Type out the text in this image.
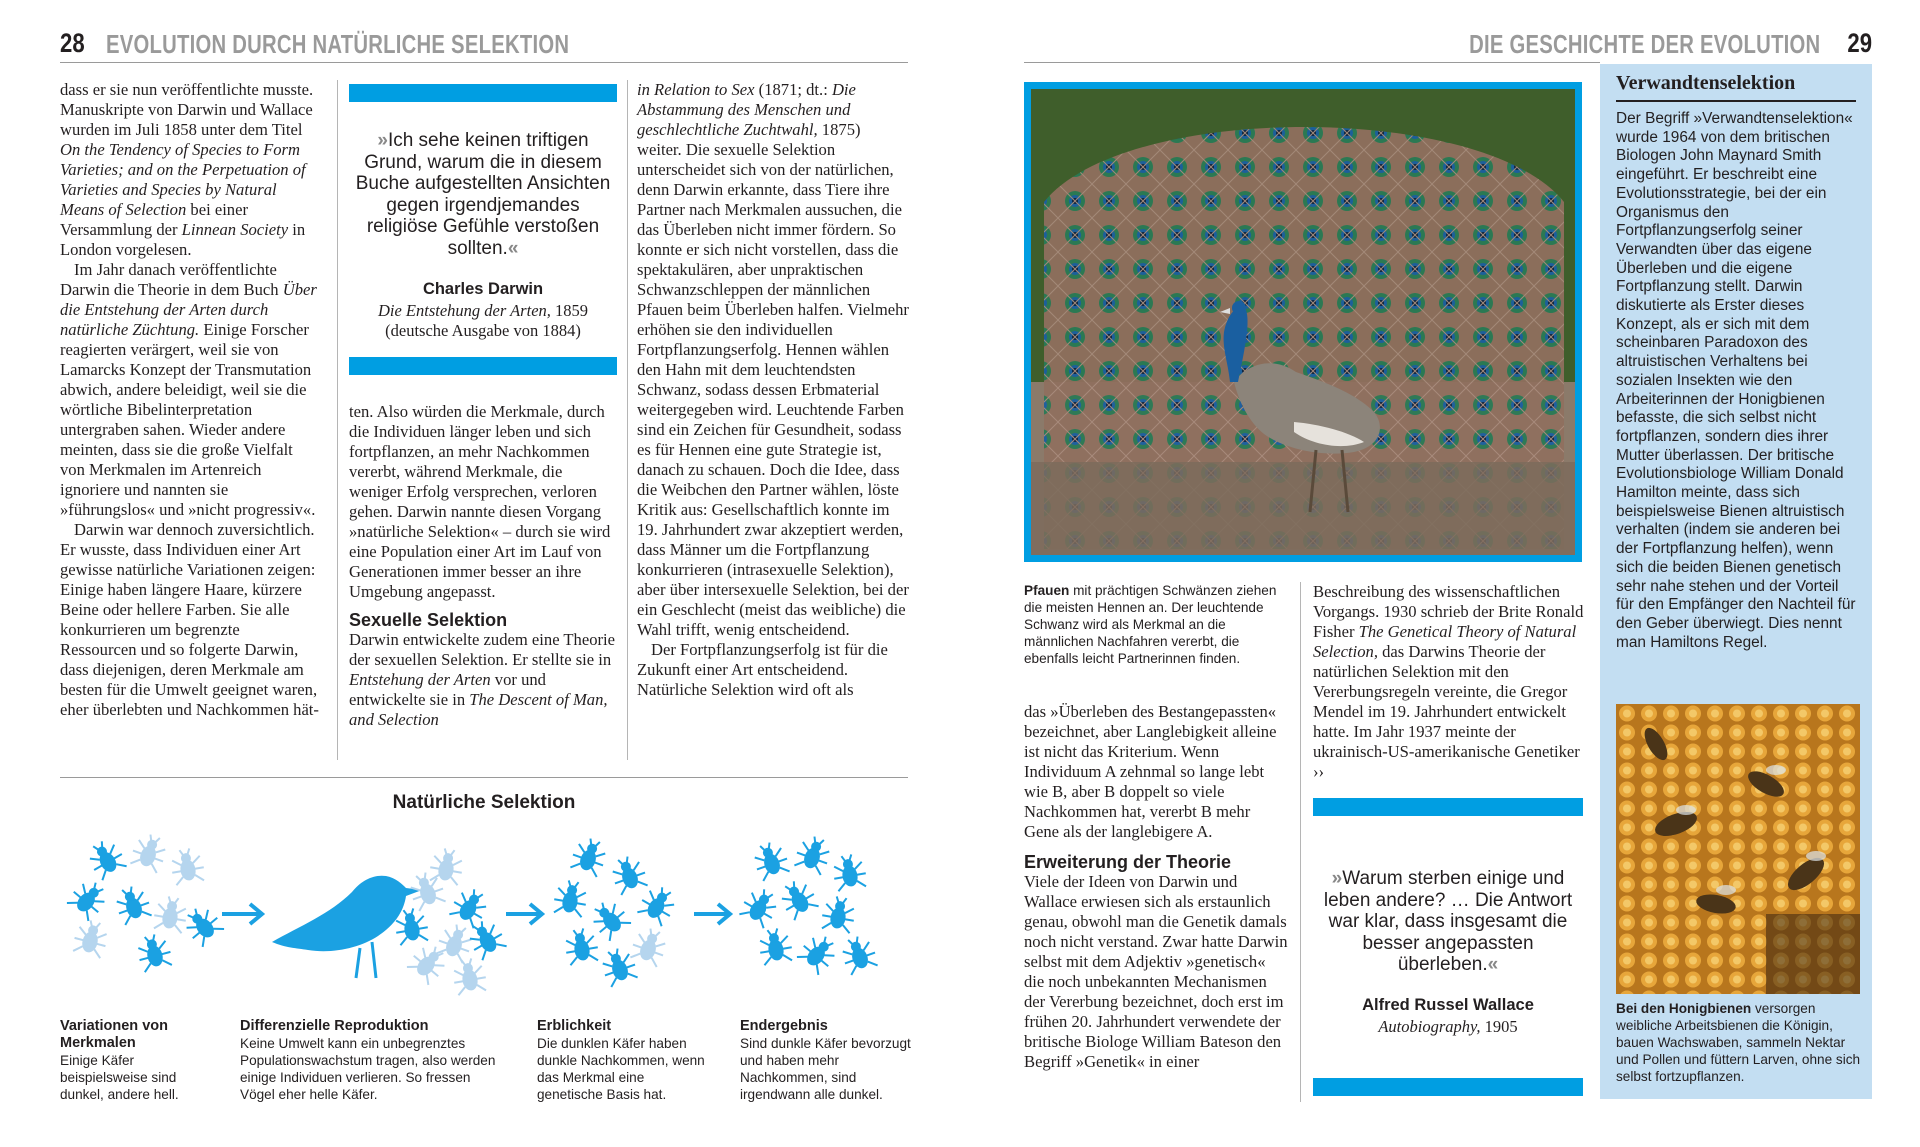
28 EVOLUTION DURCH NATÜRLICHE SELEKTION

dass er sie nun veröffentlichte musste. Manuskripte von Darwin und Wallace wurden im Juli 1858 unter dem Titel On the Tendency of Species to Form Varieties; and on the Perpetuation of Varieties and Species by Natural Means of Selection bei einer Versammlung der Linnean Society in London vorgelesen.

Im Jahr danach veröffentlichte Darwin die Theorie in dem Buch Über die Entstehung der Arten durch natürliche Züchtung. Einige Forscher reagierten verärgert, weil sie von Lamarcks Konzept der Transmutation abwich, andere beleidigt, weil sie die wörtliche Bibelinterpretation untergraben sahen. Wieder andere meinten, dass sie die große Vielfalt von Merkmalen im Artenreich ignoriere und nannten sie »führungslos« und »nicht progressiv«.

Darwin war dennoch zuversichtlich. Er wusste, dass Individuen einer Art gewisse natürliche Variationen zeigen: Einige haben längere Haare, kürzere Beine oder hellere Farben. Sie alle konkurrieren um begrenzte Ressourcen und so folgerte Darwin, dass diejenigen, deren Merkmale am besten für die Umwelt geeignet waren, eher überlebten und Nachkommen hät-

»Ich sehe keinen triftigen Grund, warum die in diesem Buche aufgestellten Ansichten gegen irgendjemandes religiöse Gefühle verstoßen sollten.«
Charles Darwin
Die Entstehung der Arten, 1859
(deutsche Ausgabe von 1884)

ten. Also würden die Merkmale, durch die Individuen länger leben und sich fortpflanzen, an mehr Nachkommen vererbt, während Merkmale, die weniger Erfolg versprechen, verloren gehen. Darwin nannte diesen Vorgang »natürliche Selektion« – durch sie wird eine Population einer Art im Lauf von Generationen immer besser an ihre Umgebung angepasst.

Sexuelle Selektion

Darwin entwickelte zudem eine Theorie der sexuellen Selektion. Er stellte sie in Entstehung der Arten vor und entwickelte sie in The Descent of Man, and Selection

in Relation to Sex (1871; dt.: Die Abstammung des Menschen und geschlechtliche Zuchtwahl, 1875) weiter. Die sexuelle Selektion unterscheidet sich von der natürlichen, denn Darwin erkannte, dass Tiere ihre Partner nach Merkmalen aussuchen, die das Überleben nicht immer fördern. So konnte er sich nicht vorstellen, dass die spektakulären, aber unpraktischen Schwanzschleppen der männlichen Pfauen beim Überleben halfen. Vielmehr erhöhen sie den individuellen Fortpflanzungserfolg. Hennen wählen den Hahn mit dem leuchtendsten Schwanz, sodass dessen Erbmaterial weitergegeben wird. Leuchtende Farben sind ein Zeichen für Gesundheit, sodass es für Hennen eine gute Strategie ist, danach zu schauen. Doch die Idee, dass die Weibchen den Partner wählen, löste Kritik aus: Gesellschaftlich konnte im 19. Jahrhundert zwar akzeptiert werden, dass Männer um die Fortpflanzung konkurrieren (intrasexuelle Selektion), aber über intersexuelle Selektion, bei der ein Geschlecht (meist das weibliche) die Wahl trifft, wenig entscheidend.

Der Fortpflanzungserfolg ist für die Zukunft einer Art entscheidend. Natürliche Selektion wird oft als

Natürliche Selektion
Variationen von Merkmalen
Einige Käfer beispielsweise sind dunkel, andere hell.
Differenzielle Reproduktion
Keine Umwelt kann ein unbegrenztes Populationswachstum tragen, also werden einige Individuen verlieren. So fressen Vögel eher helle Käfer.
Erblichkeit
Die dunklen Käfer haben dunkle Nachkommen, wenn das Merkmal eine genetische Basis hat.
Endergebnis
Sind dunkle Käfer bevorzugt und haben mehr Nachkommen, sind irgendwann alle dunkel.
DIE GESCHICHTE DER EVOLUTION 29
Pfauen mit prächtigen Schwänzen ziehen die meisten Hennen an. Der leuchtende Schwanz wird als Merkmal an die männlichen Nachfahren vererbt, die ebenfalls leicht Partnerinnen finden.

das »Überleben des Bestangepassten« bezeichnet, aber Langlebigkeit alleine ist nicht das Kriterium. Wenn Individuum A zehnmal so lange lebt wie B, aber B doppelt so viele Nachkommen hat, vererbt B mehr Gene als der langlebigere A.

Erweiterung der Theorie

Viele der Ideen von Darwin und Wallace erwiesen sich als erstaunlich genau, obwohl man die Genetik damals noch nicht verstand. Zwar hatte Darwin selbst mit dem Adjektiv »genetisch« die noch unbekannten Mechanismen der Vererbung bezeichnet, doch erst im frühen 20. Jahrhundert verwendete der britische Biologe William Bateson den Begriff »Genetik« in einer

Beschreibung des wissenschaftlichen Vorgangs. 1930 schrieb der Brite Ronald Fisher The Genetical Theory of Natural Selection, das Darwins Theorie der natürlichen Selektion mit den Vererbungsregeln vereinte, die Gregor Mendel im 19. Jahrhundert entwickelt hatte. Im Jahr 1937 meinte der ukrainisch-US-amerikanische Genetiker ››

»Warum sterben einige und leben andere? … Die Antwort war klar, dass insgesamt die besser angepassten überleben.«
Alfred Russel Wallace
Autobiography, 1905
Verwandtenselektion
Der Begriff »Verwandtenselektion« wurde 1964 von dem britischen Biologen John Maynard Smith eingeführt. Er beschreibt eine Evolutionsstrategie, bei der ein Organismus den Fortpflanzungserfolg seiner Verwandten über das eigene Überleben und die eigene Fortpflanzung stellt. Darwin diskutierte als Erster dieses Konzept, als er sich mit dem scheinbaren Paradoxon des altruistischen Verhaltens bei sozialen Insekten wie den Arbeiterinnen der Honigbienen befasste, die sich selbst nicht fortpflanzen, sondern dies ihrer Mutter überlassen. Der britische Evolutionsbiologe William Donald Hamilton meinte, dass sich beispielsweise Bienen altruistisch verhalten (indem sie anderen bei der Fortpflanzung helfen), wenn sich die beiden Bienen genetisch sehr nahe stehen und der Vorteil für den Empfänger den Nachteil für den Geber überwiegt. Dies nennt man Hamiltons Regel.
Bei den Honigbienen versorgen weibliche Arbeitsbienen die Königin, bauen Wachswaben, sammeln Nektar und Pollen und füttern Larven, ohne sich selbst fortzupflanzen.
